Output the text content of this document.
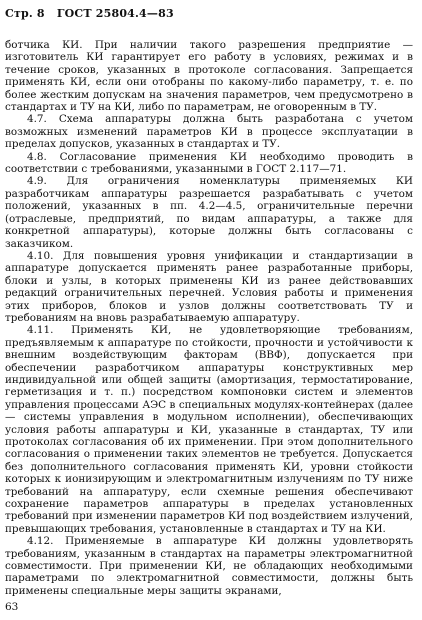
Стр. 8 ГОСТ 25804.4—83

ботчика КИ. При наличии такого разрешения предприятие — изготовитель КИ гарантирует его работу в условиях, режимах и в течение сроков, указанных в протоколе согласования. Запрещается применять КИ, если они отобраны по какому-либо параметру, т. е. по более жестким допускам на значения параметров, чем предусмотрено в стандартах и ТУ на КИ, либо по параметрам, не оговоренным в ТУ.

4.7. Схема аппаратуры должна быть разработана с учетом возможных изменений параметров КИ в процессе эксплуатации в пределах допусков, указанных в стандартах и ТУ.

4.8. Согласование применения КИ необходимо проводить в соответствии с требованиями, указанными в ГОСТ 2.117—71.

4.9. Для ограничения номенклатуры применяемых КИ разработчикам аппаратуры разрешается разрабатывать с учетом положений, указанных в пп. 4.2—4.5, ограничительные перечни (отраслевые, предприятий, по видам аппаратуры, а также для конкретной аппаратуры), которые должны быть согласованы с заказчиком.

4.10. Для повышения уровня унификации и стандартизации в аппаратуре допускается применять ранее разработанные приборы, блоки и узлы, в которых применены КИ из ранее действовавших редакций ограничительных перечней. Условия работы и применения этих приборов, блоков и узлов должны соответствовать ТУ и требованиям на вновь разрабатываемую аппаратуру.

4.11. Применять КИ, не удовлетворяющие требованиям, предъявляемым к аппаратуре по стойкости, прочности и устойчивости к внешним воздействующим факторам (ВВФ), допускается при обеспечении разработчиком аппаратуры конструктивных мер индивидуальной или общей защиты (амортизация, термостатирование, герметизация и т. п.) посредством компоновки систем и элементов управления процессами АЭС в специальных модулях-контейнерах (далее — системы управления в модульном исполнении), обеспечивающих условия работы аппаратуры и КИ, указанные в стандартах, ТУ или протоколах согласования об их применении. При этом дополнительного согласования о применении таких элементов не требуется. Допускается без дополнительного согласования применять КИ, уровни стойкости которых к ионизирующим и электромагнитным излучениям по ТУ ниже требований на аппаратуру, если схемные решения обеспечивают сохранение параметров аппаратуры в пределах установленных требований при изменении параметров КИ под воздействием излучений, превышающих требования, установленные в стандартах и ТУ на КИ.

4.12. Применяемые в аппаратуре КИ должны удовлетворять требованиям, указанным в стандартах на параметры электромагнитной совместимости. При применении КИ, не обладающих необходимыми параметрами по электромагнитной совместимости, должны быть применены специальные меры защиты экранами,

63
